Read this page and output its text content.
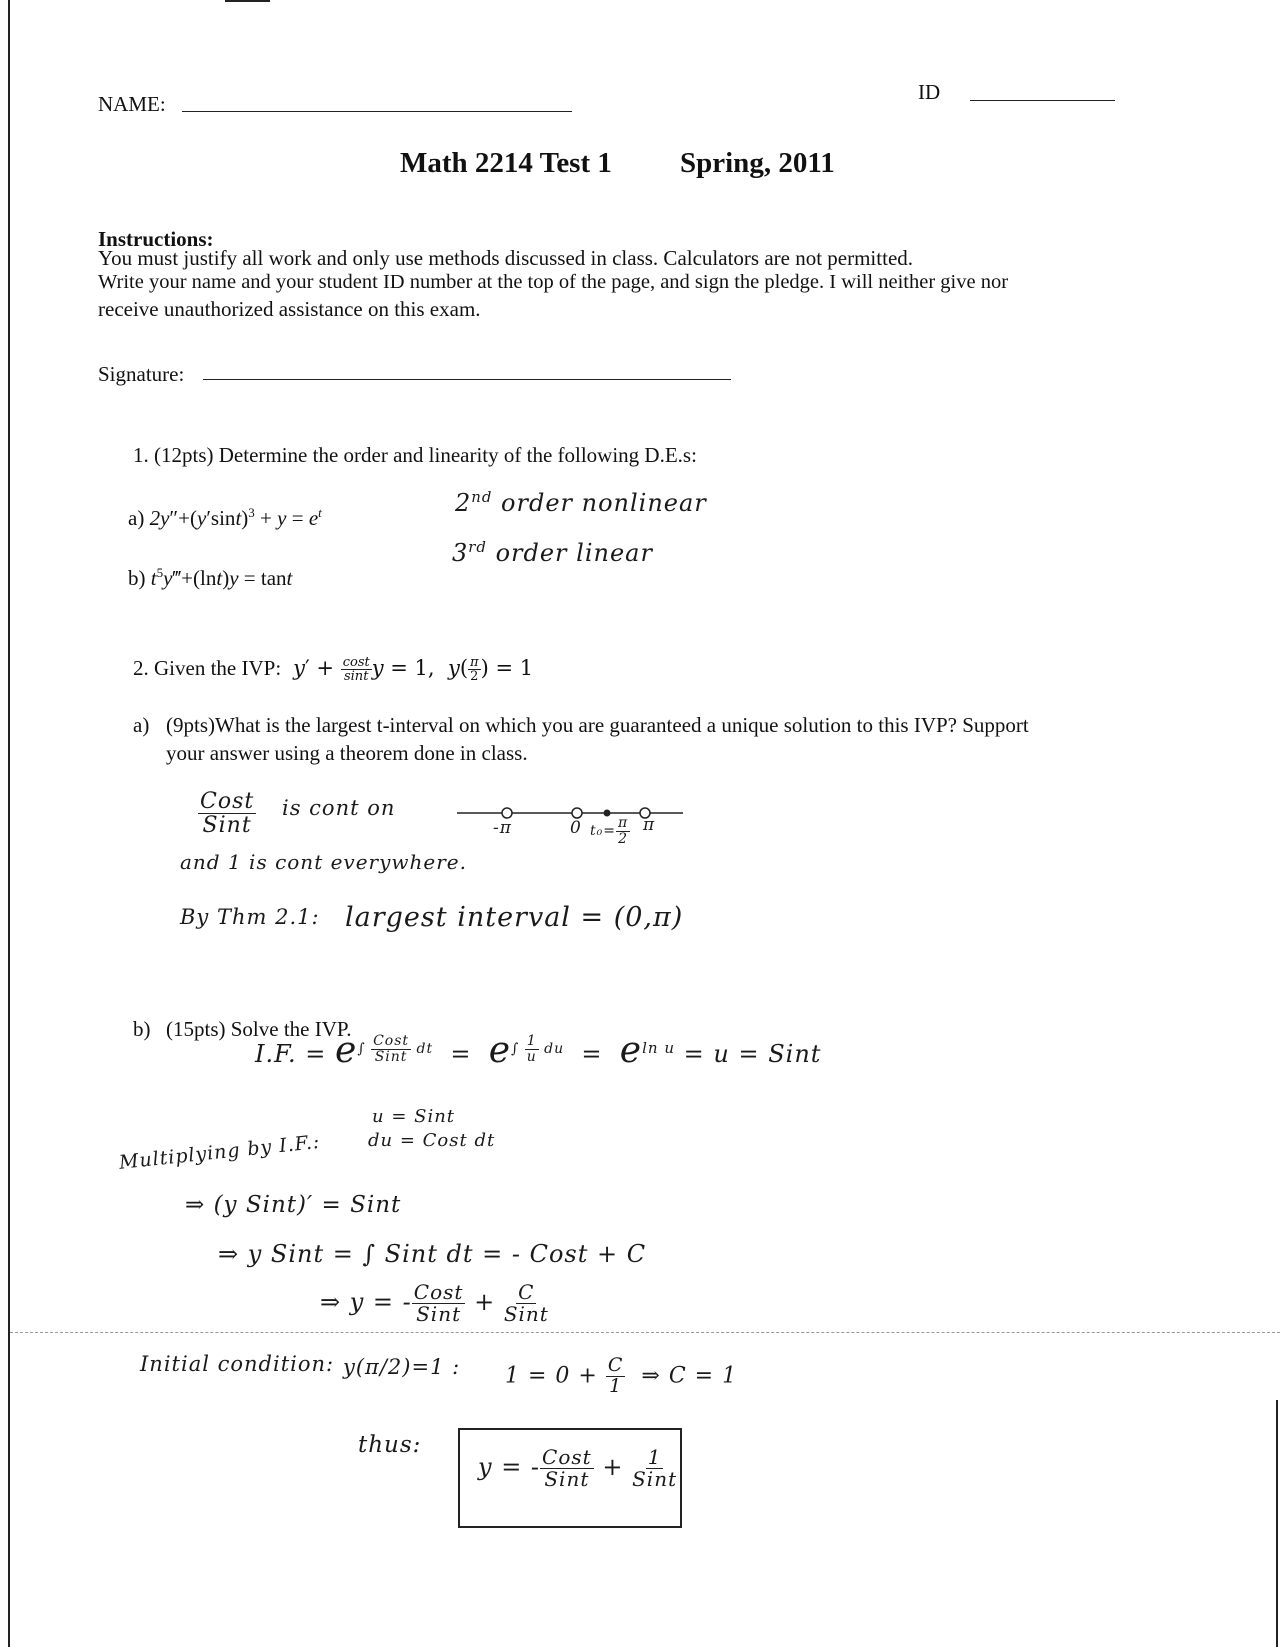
NAME:	ID
Math 2214 Test 1 Spring, 2011
Instructions:
You must justify all work and only use methods discussed in class. Calculators are not permitted.
Write your name and your student ID number at the top of the page, and sign the pledge. I will neither give nor
receive unauthorized assistance on this exam.
Signature:
1. (12pts) Determine the order and linearity of the following D.E.s:
a) $2y''+(y'\sin t)^3 + y = e^t$
b) $t^5y‴+(\ln t)y = \tan t$
2nd order nonlinear
3rd order linear
2. Given the IVP: $y' + \frac{\cos t}{\sin t}$ y = 1,  $y( \frac{\pi}{2}$ ) = 1
a) (9pts)What is the largest t-interval on which you are guaranteed a unique solution to this IVP? Support
your answer using a theorem done in class.
Cost
Sint
is cont on
-π	0 $t_0= \frac{\pi}{2}$ π
and 1 is cont everywhere.
By Thm 2.1: largest interval = (0,π)
b) (15pts) Solve the IVP.
I.F. = $e^{\int Cost Sint dt} = e^{\int \frac{1}{u} du} = e^{ln u} = u$ = Sint
u = Sint
du = Cost dt
Multiplying by I.F.:
⇒ (y Sint)′ = Sint
⇒ y Sint = ∫ Sint dt = - Cost + C
⇒ y = - Cost
Sint + C
Sint
Initial condition: y(π/2)=1 : $1 = 0 + \frac{C}{1}$ ⇒ C = 1
thus:
y = - Cost
Sint + 1
Sint
